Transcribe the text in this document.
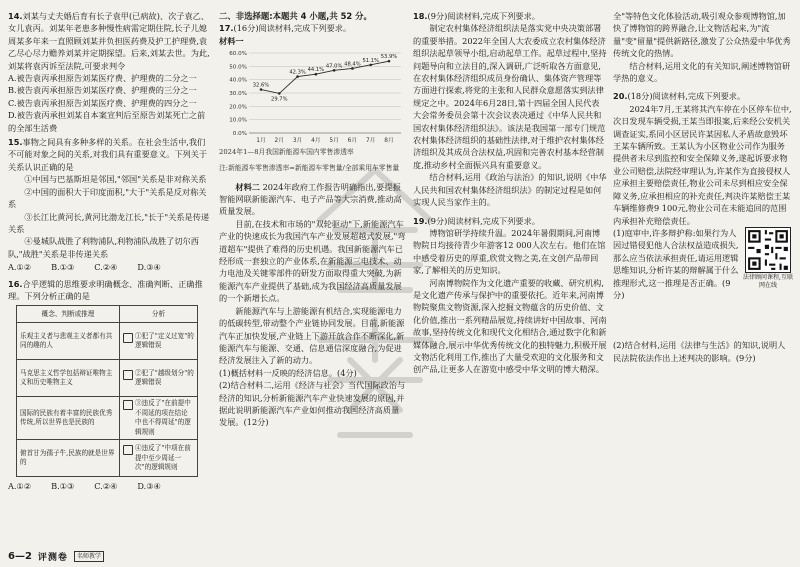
14.刘某与丈夫婚后育有长子袁甲(已病故)、次子袁乙、女儿袁丙。刘某年老患多种慢性病需定期住院,长子儿媳周某多年来一直照顾刘某并负担医药费及护工护理费,袁乙尽心尽力赡养刘某并定期探望。后来,刘某去世。为此,刘某将袁丙诉至法院,可要求判令

A.被告袁丙承担原告刘某医疗费、护理费的二分之一

B.被告袁丙承担原告刘某医疗费、护理费的三分之一

C.被告袁丙承担原告刘某医疗费、护理费的四分之一

D.被告袁丙承担刘某自本案宣判后至原告刘某死亡之前的全部生活费

15.事物之间具有多种多样的关系。在社会生活中,我们不可能对象之间的关系,对我们具有重要意义。下列关于关系认识正确的是

①中国与巴基斯坦是邻国,"邻国"关系是非对称关系

②中国的面积大于印度面积,"大于"关系是反对称关系

③长江比黄河长,黄河比渤龙江长,"长于"关系是传递关系

④曼城队战胜了利物浦队,利物浦队战胜了切尔西队,"战胜"关系是非传递关系

A.①② B.①③ C.②④ D.③④

16.合乎逻辑的思维要求明确概念、准确判断、正确推理。下列分析正确的是

概念、判断或推理	分析
乐观主义者与悲观主义者都有共同的趣的人	①犯了"定义过宽"的逻辑错误

马克思主义哲学包括辩证唯物主义和历史唯物主义	②犯了"越级划分"的逻辑错误

国际的民族有着丰富的民族优秀传统,所以世界也是民族的	③违反了"在前提中不周延的项在结论中也不得周延"的逻辑规则

俯首甘为孺子牛,民族的就是世界的	④违反了"中项在前提中至少周延一次"的逻辑规则
A.①② B.①③ C.②④ D.③④

二、非选择题:本题共 4 小题,共 52 分。

17.(16分)阅读材料,完成下列要求。

材料一

0.0%
10.0%
20.0%
30.0%
40.0%
50.0%
60.0%
1月 2月 3月 4月 5月 6月 7月 8月
32.6%
29.7%
42.3% 44.1%
47.0% 48.4%
51.1%
53.9%

2024年1—8月我国新能源车国内零售渗透率

注:新能源车零售渗透率=新能源车零售量/全部乘用车零售量

材料二 2024年政府工作报告明确指出,要提振智能网联新能源汽车、电子产品等大宗消费,推动高质量发展。

目前,在技术和市场的"双轮驱动"下,新能源汽车产业的快速成长为我国汽车产业发展超越式发展,"弯道超车"提供了难得的历史机遇。我国新能源汽车已经形成一套独立的产业体系,在新能源三电技术、动力电池及关键零部件的研发方面取得重大突破,为新能源汽车产业提供了基础,成为我国经济高质量发展的一个新增长点。

新能源汽车与上游能源有机结合,实现能源电力的低碳转型,带动整个产业链协同发展。目前,新能源汽车正加快发展,产业链上下游开放合作不断深化,新能源汽车与能源、交通、信息通信深度融合,为促进经济发展注入了新的动力。

(1)概括材料一反映的经济信息。(4分)

(2)结合材料二,运用《经济与社会》当代国际政治与经济的知识,分析新能源汽车产业快速发展的原因,并据此说明新能源汽车产业如何推动我国经济高质量发展。(12分)

18.(9分)阅读材料,完成下列要求。

制定农村集体经济组织法是落实党中央决策部署的重要举措。2022年全国人大农委成立农村集体经济组织法起草领导小组,启动起草工作。起草过程中,坚持问题导向和立法目的,深入调研,广泛听取各方面意见,在农村集体经济组织成员身份确认、集体资产管理等方面进行探索,将党的主张和人民群众意愿落实到法律规定之中。2024年6月28日,第十四届全国人民代表大会常务委员会第十次会议表决通过《中华人民共和国农村集体经济组织法》。该法是我国第一部专门规范农村集体经济组织的基础性法律,对于维护农村集体经济组织及其成员合法权益,巩固和完善农村基本经营制度,推动乡村全面振兴具有重要意义。

结合材料,运用《政治与法治》的知识,说明《中华人民共和国农村集体经济组织法》的制定过程是如何实现人民当家作主的。

19.(9分)阅读材料,完成下列要求。

博物馆研学持续升温。2024年暑假期间,河南博物院日均接待青少年游客12 000人次左右。他们在馆中感受着历史的厚重,欣赏文物之美,在文创产品带回家,了解相关的历史知识。

河南博物院作为文化遗产重要的收藏、研究机构,是文化遗产传承与保护中的重要依托。近年来,河南博物院聚焦文物资源,深入挖掘文物蕴含的历史价值、文化价值,推出一系列精品展览,持续讲好中国故事、河南故事,坚持传统文化和现代文化相结合,通过数字化和新媒体融合,展示中华优秀传统文化的独特魅力,积极开展文物活化利用工作,推出了大量受欢迎的文化服务和文创产品,让更多人在游览中感受中华文明的博大精深。

全"等特色文化体验活动,吸引观众参观博物馆,加快了博物馆的跨界融合,让文物活起来,为"流量"变"留量"提供新路径,激发了公众热爱中华优秀传统文化的热情。

结合材料,运用文化的有关知识,阐述博物馆研学热的意义。

20.(18分)阅读材料,完成下列要求。

2024年7月,王某将其汽车停在小区停车位中,次日发现车辆受损,王某当即报案,后来经公安机关调查证实,系同小区居民许某因私人矛盾故意毁坏王某车辆所致。王某认为小区物业公司作为服务提供者未尽到监控和安全保障义务,遂起诉要求物业公司赔偿,法院经审理认为,许某作为直接侵权人应承担主要赔偿责任,物业公司未尽到相应安全保障义务,应承担相应的补充责任,判决许某赔偿王某车辆维修费9 100元,物业公司在未能追回的范围内承担补充赔偿责任。

法律顾问课程,互联网在线

(1)庭审中,许多辩护称:如果行为人因过错侵犯他人合法权益造成损失,那么应当依法承担责任,请运用逻辑思维知识,分析许某的辩解属于什么推理形式,这一推理是否正确。(9分)

(2)结合材料,运用《法律与生活》的知识,说明人民法院依法作出上述判决的影响。(9分)

6—2 评测卷	名师教学
